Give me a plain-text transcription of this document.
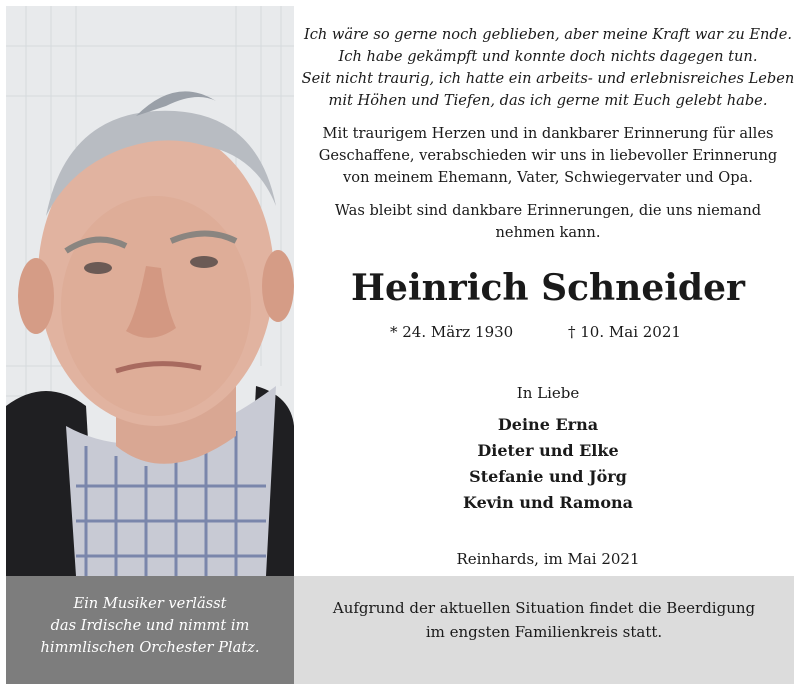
Ich wäre so gerne noch geblieben, aber meine Kraft war zu Ende.
Ich habe gekämpft und konnte doch nichts dagegen tun.
Seit nicht traurig, ich hatte ein arbeits- und erlebnisreiches Leben
mit Höhen und Tiefen, das ich gerne mit Euch gelebt habe.
Mit traurigem Herzen und in dankbarer Erinnerung für alles
Geschaffene, verabschieden wir uns in liebevoller Erinnerung
von meinem Ehemann, Vater, Schwiegervater und Opa.
Was bleibt sind dankbare Erinnerungen, die uns niemand
nehmen kann.
Heinrich Schneider
* 24. März 1930	† 10. Mai 2021
In Liebe
Deine Erna
Dieter und Elke
Stefanie und Jörg
Kevin und Ramona
Reinhards, im Mai 2021
Ein Musiker verlässt
das Irdische und nimmt im
himmlischen Orchester Platz.
Aufgrund der aktuellen Situation findet die Beerdigung
im engsten Familienkreis statt.
